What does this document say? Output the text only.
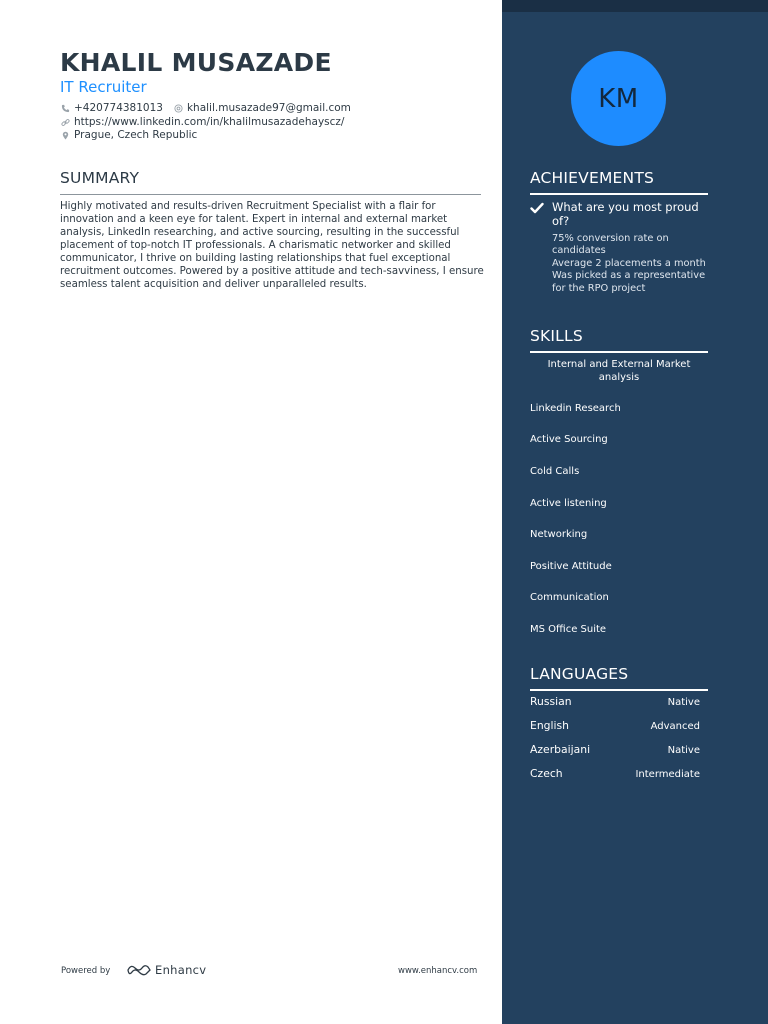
KHALIL MUSAZADE
IT Recruiter
+420774381013 khalil.musazade97@gmail.com
https://www.linkedin.com/in/khalilmusazadehayscz/
Prague, Czech Republic
SUMMARY

Highly motivated and results-driven Recruitment Specialist with a flair for innovation and a keen eye for talent. Expert in internal and external market analysis, LinkedIn researching, and active sourcing, resulting in the successful placement of top-notch IT professionals. A charismatic networker and skilled communicator, I thrive on building lasting relationships that fuel exceptional recruitment outcomes. Powered by a positive attitude and tech-savviness, I ensure seamless talent acquisition and deliver unparalleled results.

Powered by	Enhancv	www.enhancv.com
KM
ACHIEVEMENTS
What are you most proud of?
75% conversion rate on candidates
Average 2 placements a month
Was picked as a representative for the RPO project
SKILLS
Internal and External Market analysis
Linkedin Research
Active Sourcing
Cold Calls
Active listening
Networking
Positive Attitude
Communication
MS Office Suite
LANGUAGES
Russian	Native
English	Advanced
Azerbaijani	Native
Czech	Intermediate
